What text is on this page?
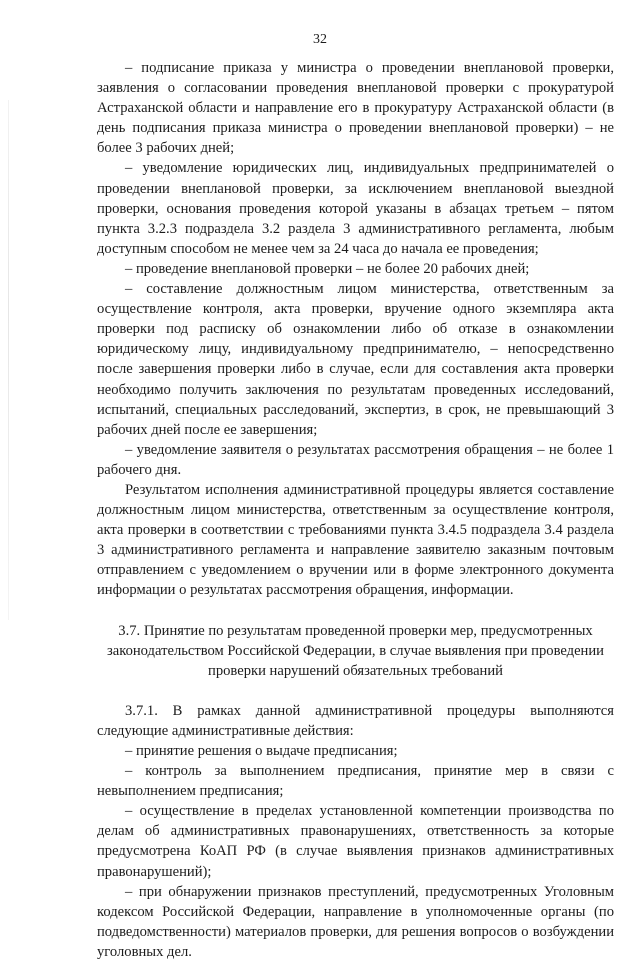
32

– подписание приказа у министра о проведении внеплановой проверки, заявления о согласовании проведения внеплановой проверки с прокуратурой Астраханской области и направление его в прокуратуру Астраханской области (в день подписания приказа министра о проведении внеплановой проверки) – не более 3 рабочих дней;

– уведомление юридических лиц, индивидуальных предпринимателей о проведении внеплановой проверки, за исключением внеплановой выездной проверки, основания проведения которой указаны в абзацах третьем – пятом пункта 3.2.3 подраздела 3.2 раздела 3 административного регламента, любым доступным способом не менее чем за 24 часа до начала ее проведения;

– проведение внеплановой проверки – не более 20 рабочих дней;

– составление должностным лицом министерства, ответственным за осуществление контроля, акта проверки, вручение одного экземпляра акта проверки под расписку об ознакомлении либо об отказе в ознакомлении юридическому лицу, индивидуальному предпринимателю, – непосредственно после завершения проверки либо в случае, если для составления акта проверки необходимо получить заключения по результатам проведенных исследований, испытаний, специальных расследований, экспертиз, в срок, не превышающий 3 рабочих дней после ее завершения;

– уведомление заявителя о результатах рассмотрения обращения – не более 1 рабочего дня.

Результатом исполнения административной процедуры является составление должностным лицом министерства, ответственным за осуществление контроля, акта проверки в соответствии с требованиями пункта 3.4.5 подраздела 3.4 раздела 3 административного регламента и направление заявителю заказным почтовым отправлением с уведомлением о вручении или в форме электронного документа информации о результатах рассмотрения обращения, информации.

3.7. Принятие по результатам проведенной проверки мер, предусмотренных законодательством Российской Федерации, в случае выявления при проведении проверки нарушений обязательных требований

3.7.1. В рамках данной административной процедуры выполняются следующие административные действия:

– принятие решения о выдаче предписания;

– контроль за выполнением предписания, принятие мер в связи с невыполнением предписания;

– осуществление в пределах установленной компетенции производства по делам об административных правонарушениях, ответственность за которые предусмотрена КоАП РФ (в случае выявления признаков административных правонарушений);

– при обнаружении признаков преступлений, предусмотренных Уголовным кодексом Российской Федерации, направление в уполномоченные органы (по подведомственности) материалов проверки, для решения вопросов о возбуждении уголовных дел.
